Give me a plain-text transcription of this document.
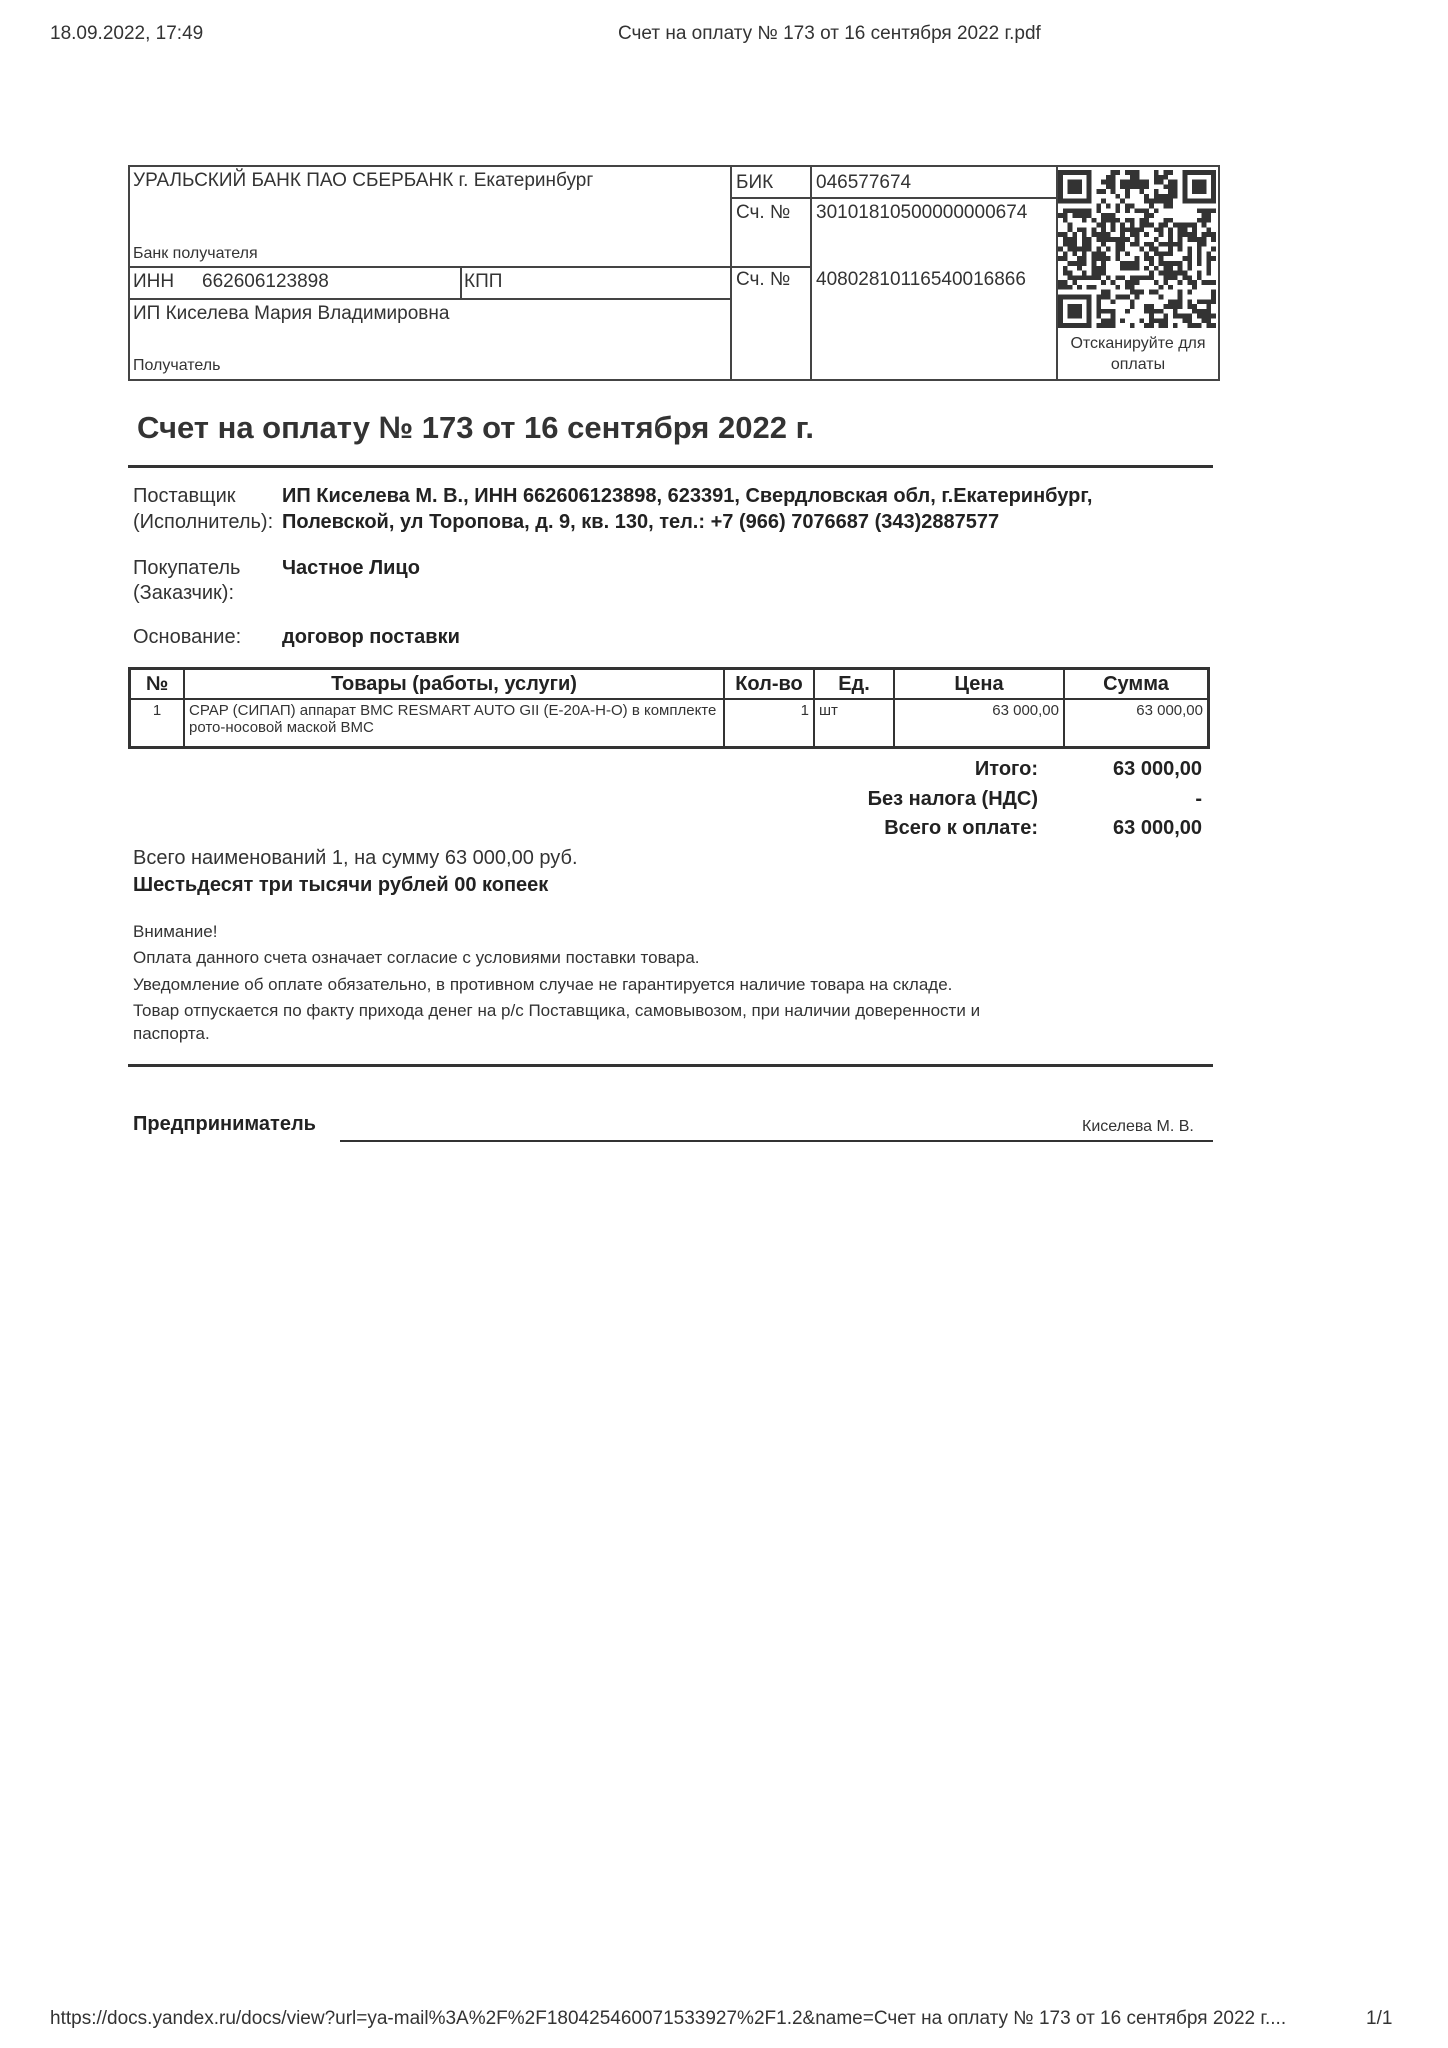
18.09.2022, 17:49	Счет на оплату № 173 от 16 сентября 2022 г.pdf
https://docs.yandex.ru/docs/view?url=ya-mail%3A%2F%2F180425460071533927%2F1.2&name=Счет на оплату № 173 от 16 сентября 2022 г....	1/1
УРАЛЬСКИЙ БАНК ПАО СБЕРБАНК г. Екатеринбург
Банк получателя
БИК 046577674
Сч. № 30101810500000000674
ИНН 662606123898	КПП	Сч. № 40802810116540016866
ИП Киселева Мария Владимировна
Получатель
Отсканируйте для
оплаты
Счет на оплату № 173 от 16 сентября 2022 г.
Поставщик
(Исполнитель):
ИП Киселева М. В., ИНН 662606123898, 623391, Свердловская обл, г.Екатеринбург,
Полевской, ул Торопова, д. 9, кв. 130, тел.: +7 (966) 7076687 (343)2887577
Покупатель
(Заказчик):
Частное Лицо
Основание: договор поставки
№	Товары (работы, услуги)	Кол-во	Ед.	Цена	Сумма
1	CPAP (СИПАП) аппарат BMC RESMART AUTO GII (E-20A-H-O) в комплекте рото-носовой маской BMC	1	шт	63 000,00	63 000,00
Итого:	63 000,00
Без налога (НДС)	-
Всего к оплате:	63 000,00
Всего наименований 1, на сумму 63 000,00 руб.
Шестьдесят три тысячи рублей 00 копеек
Внимание!
Оплата данного счета означает согласие с условиями поставки товара.
Уведомление об оплате обязательно, в противном случае не гарантируется наличие товара на складе.
Товар отпускается по факту прихода денег на р/с Поставщика, самовывозом, при наличии доверенности и
паспорта.
Предприниматель	Киселева М. В.
